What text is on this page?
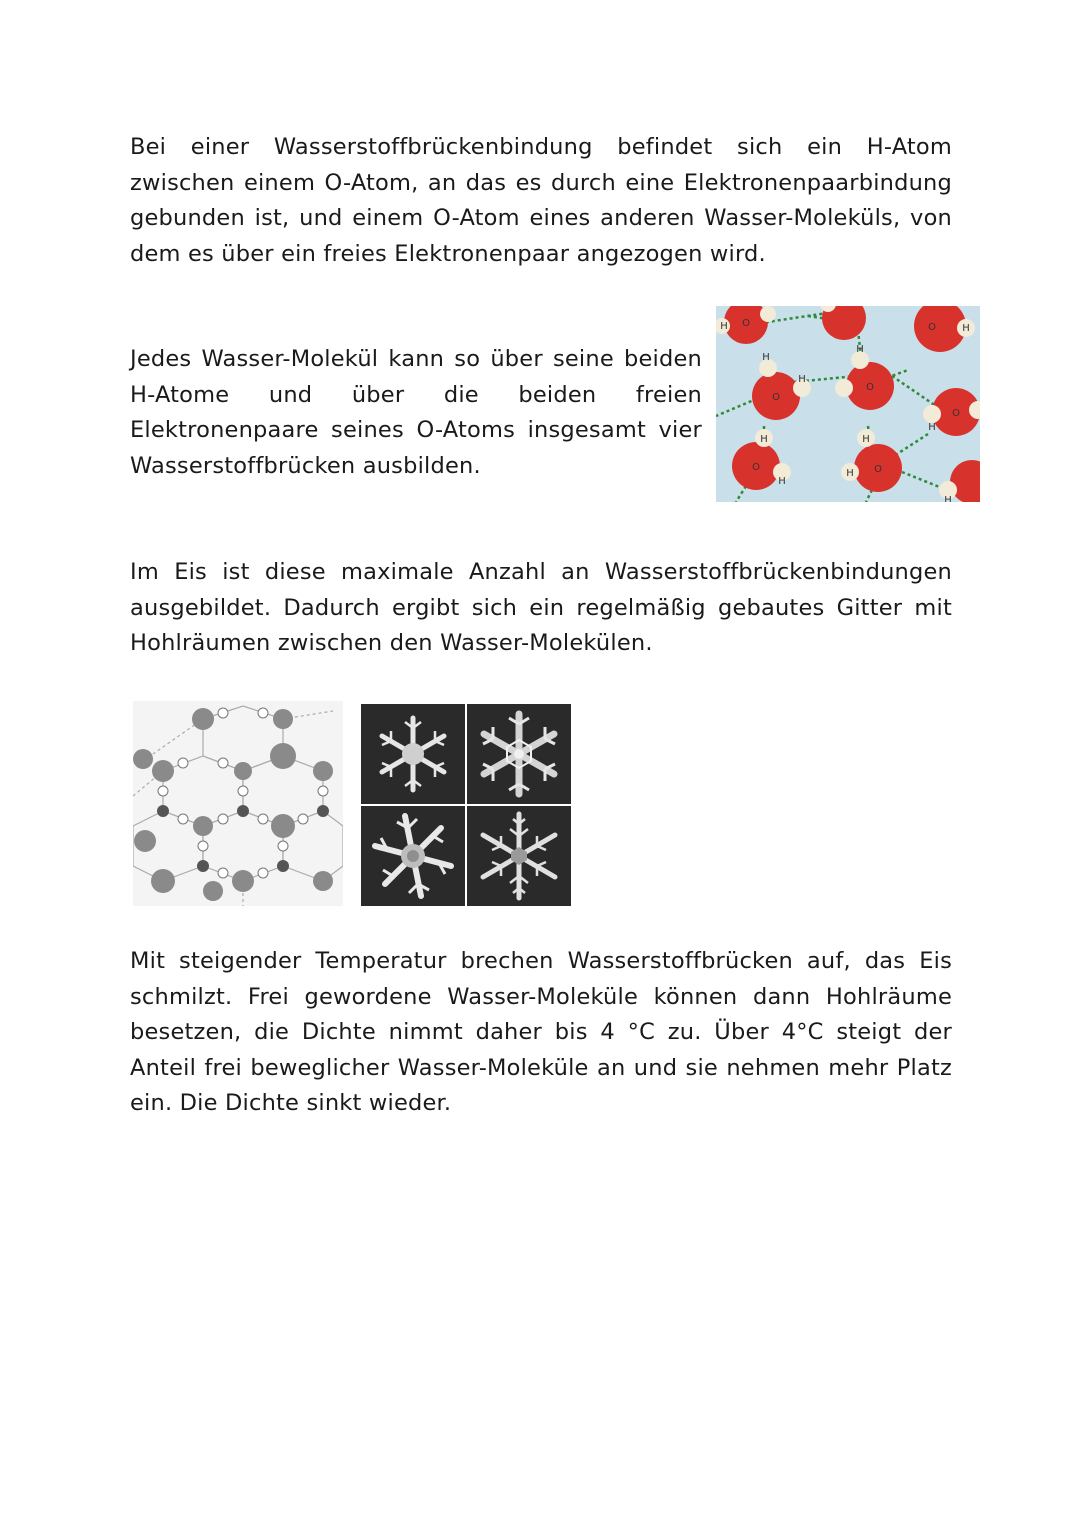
Bei einer Wasserstoffbrückenbindung befindet sich ein H-Atom zwischen einem O-Atom, an das es durch eine Elektronenpaarbindung gebunden ist, und einem O-Atom eines anderen Wasser-Moleküls, von dem es über ein freies Elektronenpaar angezogen wird.

Jedes Wasser-Molekül kann so über seine beiden H-Atome und über die beiden freien Elektronenpaare seines O-Atoms insgesamt vier Wasserstoffbrücken ausbilden.

H
O
H
O
H
O
H
O
O	H
O
H
H
H O
H
H
H

Im Eis ist diese maximale Anzahl an Wasserstoffbrückenbindungen ausgebildet. Dadurch ergibt sich ein regelmäßig gebautes Gitter mit Hohlräumen zwischen den Wasser-Molekülen.

Mit steigender Temperatur brechen Wasserstoffbrücken auf, das Eis schmilzt. Frei gewordene Wasser-Moleküle können dann Hohlräume besetzen, die Dichte nimmt daher bis 4 °C zu. Über 4°C steigt der Anteil frei beweglicher Wasser-Moleküle an und sie nehmen mehr Platz ein. Die Dichte sinkt wieder.
